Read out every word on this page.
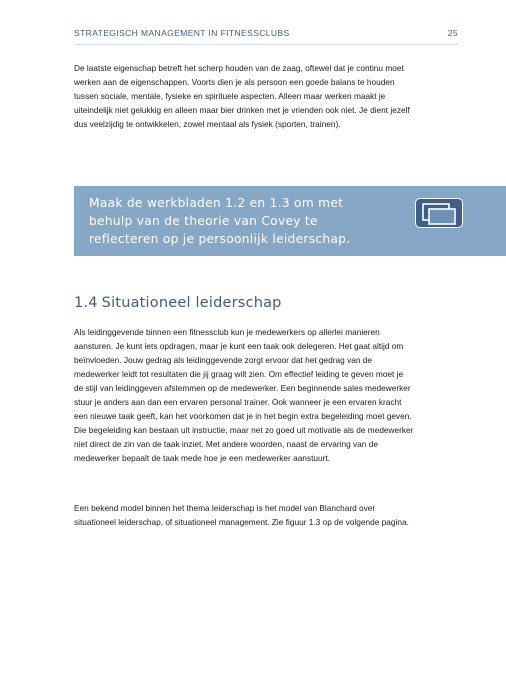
STRATEGISCH MANAGEMENT IN FITNESSCLUBS	25

De laatste eigenschap betreft het scherp houden van de zaag, oftewel dat je continu moet werken aan de eigenschappen. Voorts dien je als persoon een goede balans te houden tussen sociale, mentale, fysieke en spirituele aspecten. Alleen maar werken maakt je uiteindelijk niet gelukkig en alleen maar bier drinken met je vrienden ook niet. Je dient jezelf dus veelzijdig te ontwikkelen, zowel mentaal als fysiek (sporten, trainen).

Maak de werkbladen 1.2 en 1.3 om met behulp van de theorie van Covey te reflecteren op je persoonlijk leiderschap.
1.4 Situationeel leiderschap

Als leidinggevende binnen een fitnessclub kun je medewerkers op allerlei manieren aansturen. Je kunt iets opdragen, maar je kunt een taak ook delegeren. Het gaat altijd om beïnvloeden. Jouw gedrag als leidinggevende zorgt ervoor dat het gedrag van de medewerker leidt tot resultaten die jij graag wilt zien. Om effectief leiding te geven moet je de stijl van leidinggeven afstemmen op de medewerker. Een beginnende sales medewerker stuur je anders aan dan een ervaren personal trainer. Ook wanneer je een ervaren kracht een nieuwe taak geeft, kan het voorkomen dat je in het begin extra begeleiding moet geven. Die begeleiding kan bestaan uit instructie, maar net zo goed uit motivatie als de medewerker niet direct de zin van de taak inziet. Met andere woorden, naast de ervaring van de medewerker bepaalt de taak mede hoe je een medewerker aanstuurt.

Een bekend model binnen het thema leiderschap is het model van Blanchard over situationeel leiderschap, of situationeel management. Zie figuur 1.3 op de volgende pagina.
